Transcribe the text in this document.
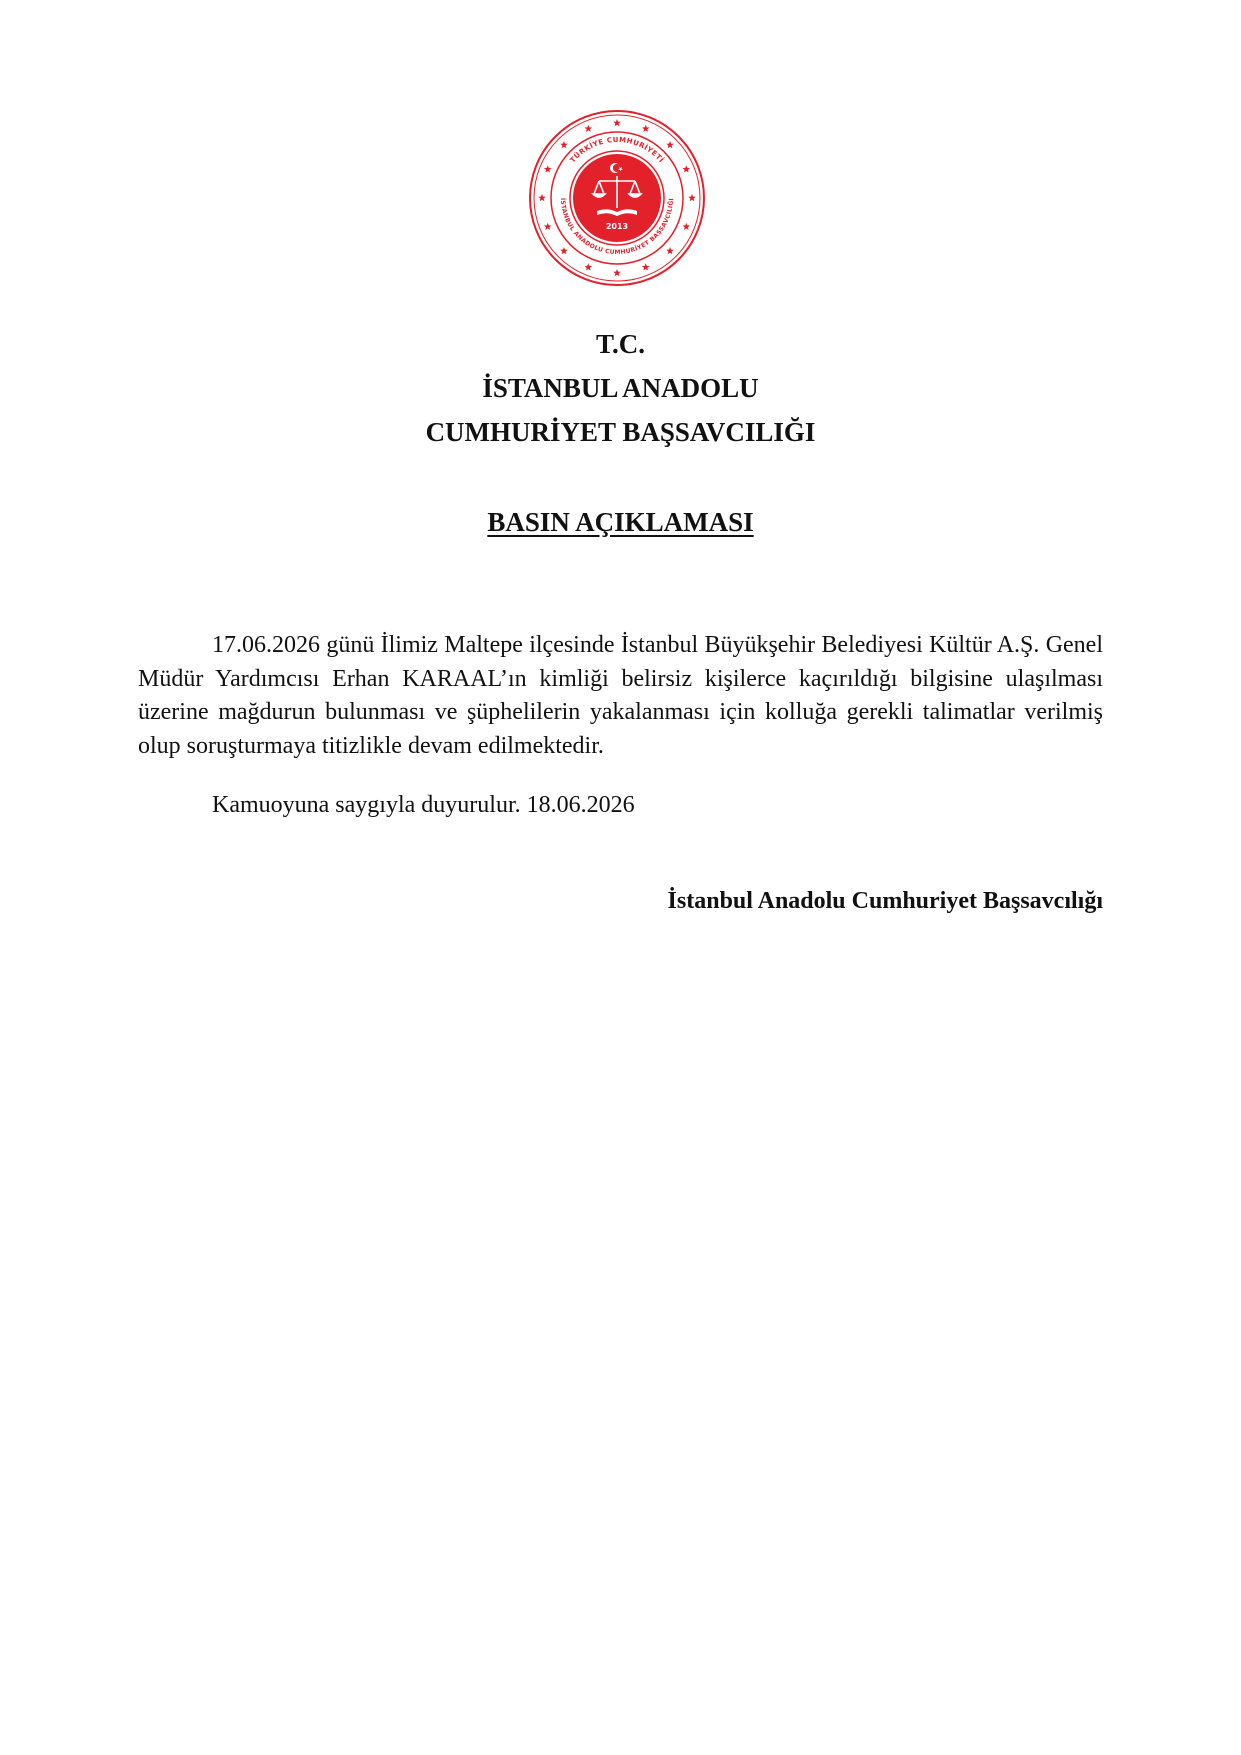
TÜRKİYE CUMHURİYETİ
İSTANBUL ANADOLU CUMHURİYET BAŞSAVCILIĞI
2013
T.C.
İSTANBUL ANADOLU
CUMHURİYET BAŞSAVCILIĞI
BASIN AÇIKLAMASI

17.06.2026 günü İlimiz Maltepe ilçesinde İstanbul Büyükşehir Belediyesi Kültür A.Ş. Genel Müdür Yardımcısı Erhan KARAAL’ın kimliği belirsiz kişilerce kaçırıldığı bilgisine ulaşılması üzerine mağdurun bulunması ve şüphelilerin yakalanması için kolluğa gerekli talimatlar verilmiş olup soruşturmaya titizlikle devam edilmektedir.

Kamuoyuna saygıyla duyurulur. 18.06.2026
İstanbul Anadolu Cumhuriyet Başsavcılığı
